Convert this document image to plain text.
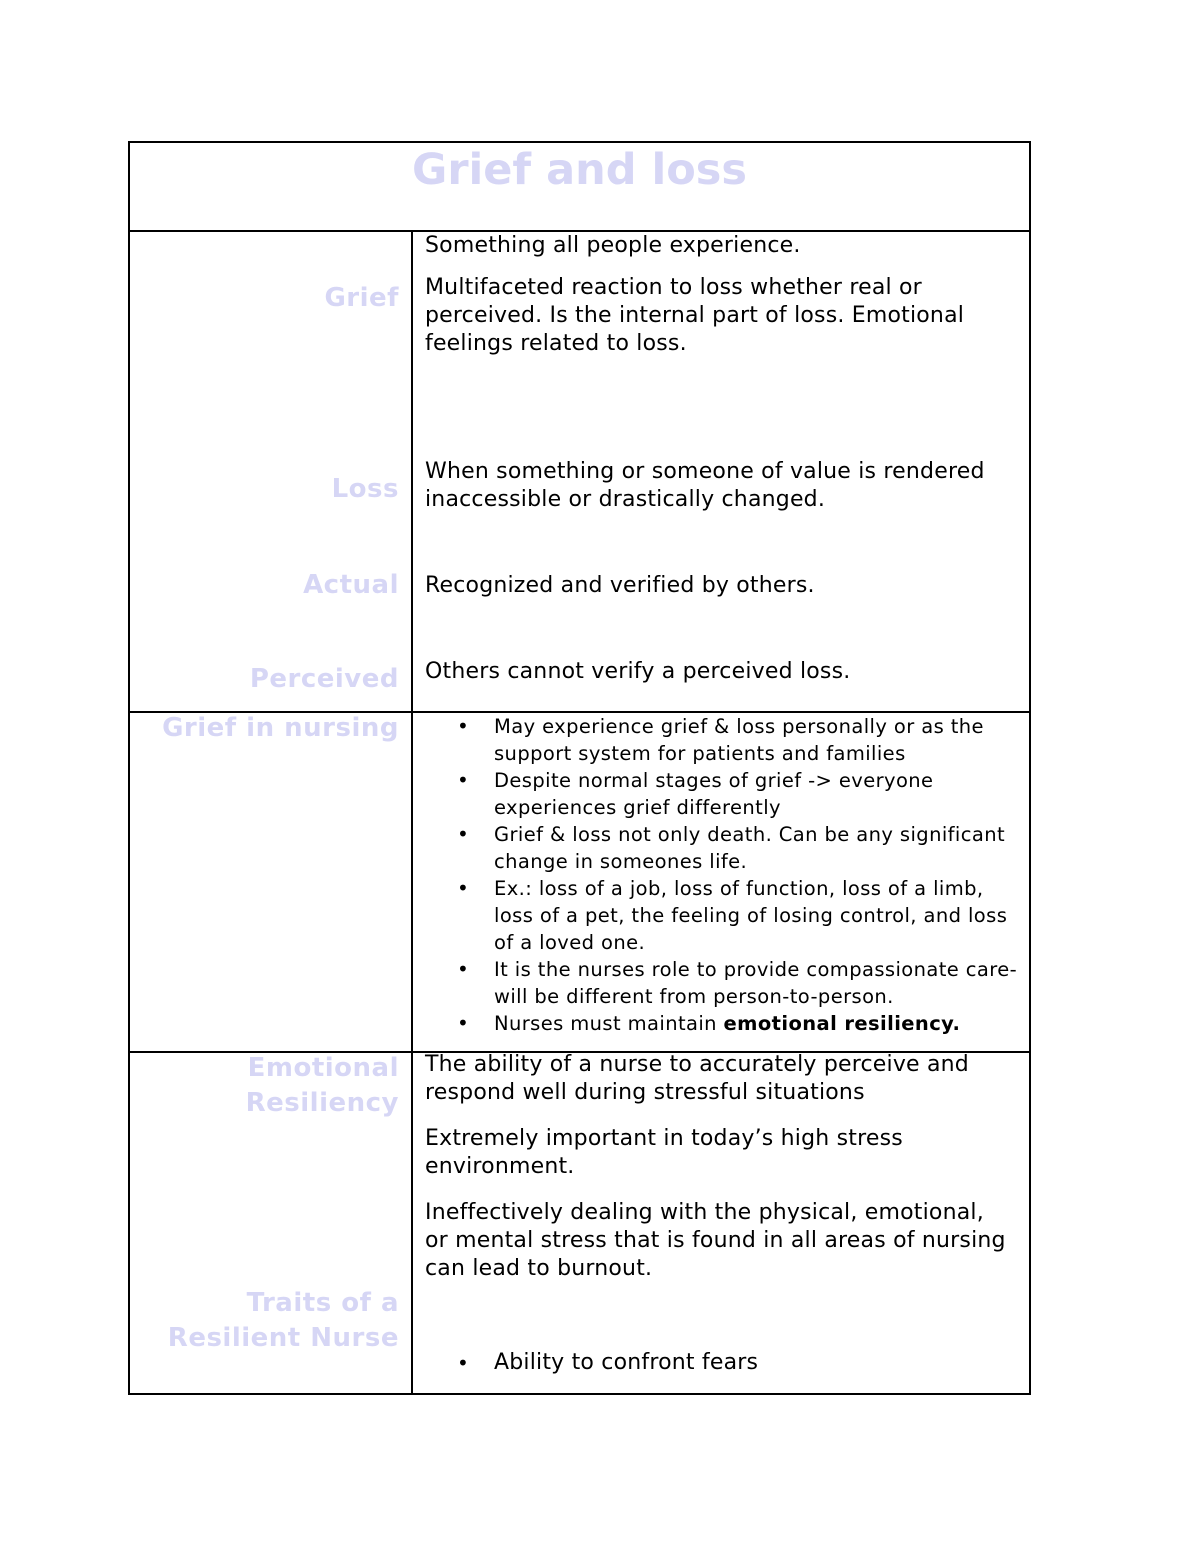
Grief and loss
Grief
Loss
Actual
Perceived
Something all people experience.
Multifaceted reaction to loss whether real or perceived. Is the internal part of loss. Emotional feelings related to loss.
When something or someone of value is rendered inaccessible or drastically changed.
Recognized and verified by others.
Others cannot verify a perceived loss.
Grief in nursing
•	May experience grief & loss personally or as the support system for patients and families
• Despite normal stages of grief -> everyone experiences grief differently
• Grief & loss not only death. Can be any significant change in someones life.
• Ex.: loss of a job, loss of function, loss of a limb, loss of a pet, the feeling of losing control, and loss of a loved one.
• It is the nurses role to provide compassionate care- will be different from person-to-person.
• Nurses must maintain emotional resiliency.
Emotional Resiliency
Traits of a Resilient Nurse
The ability of a nurse to accurately perceive and respond well during stressful situations
Extremely important in today’s high stress environment.
Ineffectively dealing with the physical, emotional, or mental stress that is found in all areas of nursing can lead to burnout.
• Ability to confront fears
